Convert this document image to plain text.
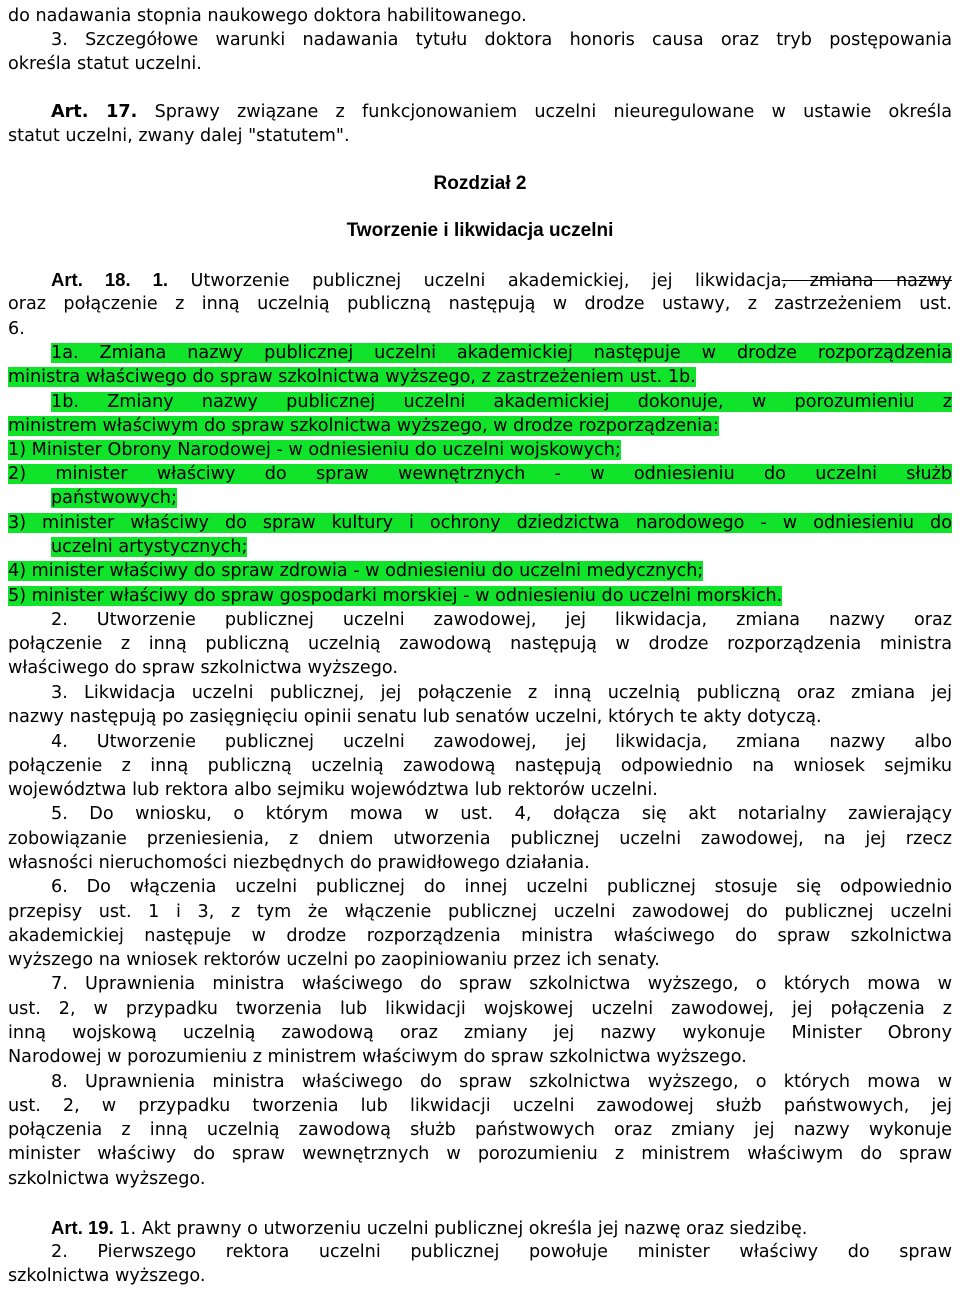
do nadawania stopnia naukowego doktora habilitowanego.
3. Szczegółowe warunki nadawania tytułu doktora honoris causa oraz tryb postępowania
określa statut uczelni.
Art. 17. Sprawy związane z funkcjonowaniem uczelni nieuregulowane w ustawie określa
statut uczelni, zwany dalej "statutem".
Rozdział 2
Tworzenie i likwidacja uczelni
Art. 18. 1. Utworzenie publicznej uczelni akademickiej, jej likwidacja, zmiana nazwy
oraz połączenie z inną uczelnią publiczną następują w drodze ustawy, z zastrzeżeniem ust.
6.
1a. Zmiana nazwy publicznej uczelni akademickiej następuje w drodze rozporządzenia
ministra właściwego do spraw szkolnictwa wyższego, z zastrzeżeniem ust. 1b.
1b. Zmiany nazwy publicznej uczelni akademickiej dokonuje, w porozumieniu z
ministrem właściwym do spraw szkolnictwa wyższego, w drodze rozporządzenia:
1) Minister Obrony Narodowej - w odniesieniu do uczelni wojskowych;
2) minister właściwy do spraw wewnętrznych - w odniesieniu do uczelni służb
państwowych;
3) minister właściwy do spraw kultury i ochrony dziedzictwa narodowego - w odniesieniu do
uczelni artystycznych;
4) minister właściwy do spraw zdrowia - w odniesieniu do uczelni medycznych;
5) minister właściwy do spraw gospodarki morskiej - w odniesieniu do uczelni morskich.
2. Utworzenie publicznej uczelni zawodowej, jej likwidacja, zmiana nazwy oraz
połączenie z inną publiczną uczelnią zawodową następują w drodze rozporządzenia ministra
właściwego do spraw szkolnictwa wyższego.
3. Likwidacja uczelni publicznej, jej połączenie z inną uczelnią publiczną oraz zmiana jej
nazwy następują po zasięgnięciu opinii senatu lub senatów uczelni, których te akty dotyczą.
4. Utworzenie publicznej uczelni zawodowej, jej likwidacja, zmiana nazwy albo
połączenie z inną publiczną uczelnią zawodową następują odpowiednio na wniosek sejmiku
województwa lub rektora albo sejmiku województwa lub rektorów uczelni.
5. Do wniosku, o którym mowa w ust. 4, dołącza się akt notarialny zawierający
zobowiązanie przeniesienia, z dniem utworzenia publicznej uczelni zawodowej, na jej rzecz
własności nieruchomości niezbędnych do prawidłowego działania.
6. Do włączenia uczelni publicznej do innej uczelni publicznej stosuje się odpowiednio
przepisy ust. 1 i 3, z tym że włączenie publicznej uczelni zawodowej do publicznej uczelni
akademickiej następuje w drodze rozporządzenia ministra właściwego do spraw szkolnictwa
wyższego na wniosek rektorów uczelni po zaopiniowaniu przez ich senaty.
7. Uprawnienia ministra właściwego do spraw szkolnictwa wyższego, o których mowa w
ust. 2, w przypadku tworzenia lub likwidacji wojskowej uczelni zawodowej, jej połączenia z
inną wojskową uczelnią zawodową oraz zmiany jej nazwy wykonuje Minister Obrony
Narodowej w porozumieniu z ministrem właściwym do spraw szkolnictwa wyższego.
8. Uprawnienia ministra właściwego do spraw szkolnictwa wyższego, o których mowa w
ust. 2, w przypadku tworzenia lub likwidacji uczelni zawodowej służb państwowych, jej
połączenia z inną uczelnią zawodową służb państwowych oraz zmiany jej nazwy wykonuje
minister właściwy do spraw wewnętrznych w porozumieniu z ministrem właściwym do spraw
szkolnictwa wyższego.
Art. 19. 1. Akt prawny o utworzeniu uczelni publicznej określa jej nazwę oraz siedzibę.
2. Pierwszego rektora uczelni publicznej powołuje minister właściwy do spraw
szkolnictwa wyższego.
